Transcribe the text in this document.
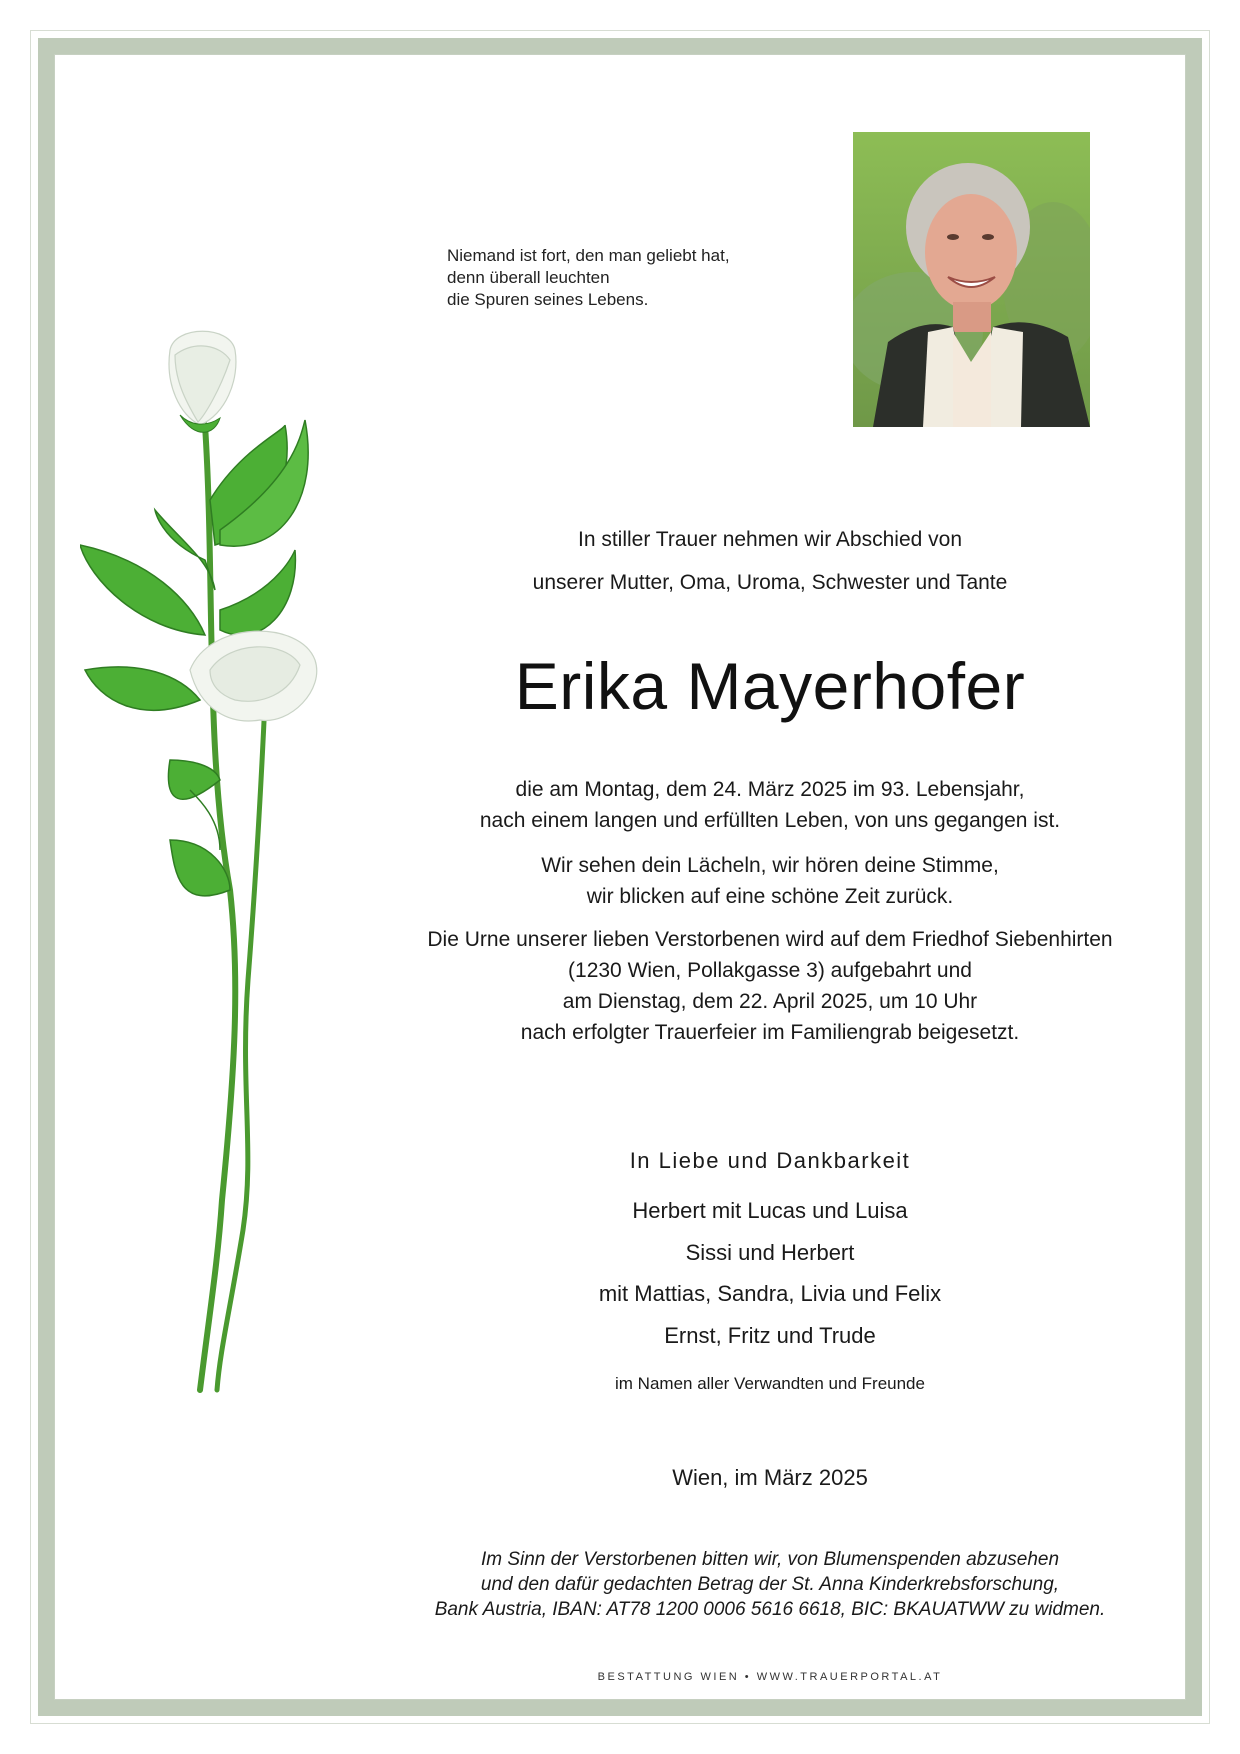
Niemand ist fort, den man geliebt hat,
denn überall leuchten
die Spuren seines Lebens.
In stiller Trauer nehmen wir Abschied von
unserer Mutter, Oma, Uroma, Schwester und Tante
Erika Mayerhofer
die am Montag, dem 24. März 2025 im 93. Lebensjahr,
nach einem langen und erfüllten Leben, von uns gegangen ist.
Wir sehen dein Lächeln, wir hören deine Stimme,
wir blicken auf eine schöne Zeit zurück.
Die Urne unserer lieben Verstorbenen wird auf dem Friedhof Siebenhirten
(1230 Wien, Pollakgasse 3) aufgebahrt und
am Dienstag, dem 22. April 2025, um 10 Uhr
nach erfolgter Trauerfeier im Familiengrab beigesetzt.
In Liebe und Dankbarkeit
Herbert mit Lucas und Luisa
Sissi und Herbert
mit Mattias, Sandra, Livia und Felix
Ernst, Fritz und Trude
im Namen aller Verwandten und Freunde
Wien, im März 2025
Im Sinn der Verstorbenen bitten wir, von Blumenspenden abzusehen
und den dafür gedachten Betrag der St. Anna Kinderkrebsforschung,
Bank Austria, IBAN: AT78 1200 0006 5616 6618, BIC: BKAUATWW zu widmen.
BESTATTUNG WIEN • WWW.TRAUERPORTAL.AT
